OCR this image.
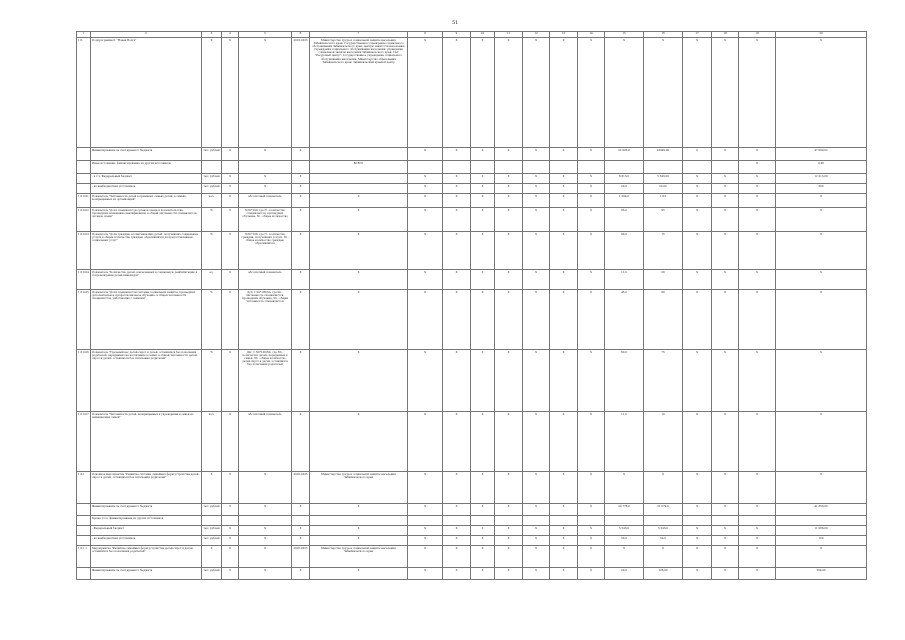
51
1	2	3	4	5	6	7	8	9	10	11	12	13	14	15	16	17	18	19	20
1.6.	Подпрограмма 6. "Новая Волга"	Х	Х	Х	2016-2025	Министерство труда и социальной защиты населения Забайкальского края; Государственное учреждение социального обслуживания Забайкальского края; центры занятости населения; учреждения социального обслуживания населения; управление социальной защиты населения Забайкальского края; ГАУ "Ресурсный центр"; Государственное учреждение социального обслуживания населения; Министерство образования Забайкальского края; Забайкальский краевой центр	Х	Х	Х	Х	Х	Х	Х	Х	Х	Х	Х	Х	Х
	Финансирование за счет краевого бюджета	тыс. рублей	Х	Х	Х		Х	Х	Х	Х	Х	Х	Х	22 926,0	23049,00	0	Х	Х	47 090,02
	Иные источники, финансирование из других источников					ВСЕГО												Х	0,00
	- в т.ч. Федеральный бюджет	тыс. рублей	Х	Х	Х		Х	Х	Х	Х	Х	Х	Х	6 613,0	5 543,00	Х	Х	Х	12 213,00
	- из внебюджетных источников	тыс. рублей	Х	Х	Х		Х	Х	Х	Х	Х	Х	Х	20,0	22,00	Х	Х	Х	300
1.6.0.01	Показатель "Численность детей в приемных семьях детей, в семьях, возвращенных из организаций"	чел.	Х	абсолютный показатель	Х	Х	Х	Х	Х	Х	Х	Х	Х	1 094,0	1116	Х	Х	Х	Х
1.6.0.02	Показатель "Доля специалистов органов опеки и попечительства, прошедших повышение квалификации, в общей численности специалистов органов опеки"	%	Х	N/Ni*100, где N - количество специалистов, прошедших обучение, Ni - общее количество	Х	Х	Х	Х	Х	Х	Х	Х	Х	95,0	95	Х	Х	Х	Х
1.6.0.03	Показатель "Доля граждан, воспитывающих детей, получивших социальные услуги в общем количестве граждан, обратившихся за предоставлением социальных услуг"	%	Х	N/Ni*100, где N - количество граждан, получивших услуги, Ni - общее количество граждан, обратившихся	Х	Х	Х	Х	Х	Х	Х	Х	Х	90,0	15	Х	Х	Х	Х
1.6.0.04	Показатель "Количество детей, вовлеченных в социальную реабилитацию и сопровождения детей-инвалидов"	ед.	Х	абсолютный показатель	Х	Х	Х	Х	Х	Х	Х	Х	Х	11,0	20	Х	Х	Х	Х
1.6.0.05	Показатель "Доля специалистов системы социальной защиты, прошедших дополнительное профессиональное обучение, в общей численности специалистов, работающих с семьями"	%	Х	Дсп = Sn*100/Sn, где Sn - численность специалистов, прошедших обучение, Sn - общая численность специалистов	Х	Х	Х	Х	Х	Х	Х	Х	Х	45,0	60	Х	Х	Х	Х
1.6.0.06	Показатель "Удельный вес детей-сирот и детей, оставшихся без попечения родителей, переданных на воспитание в семьи, в общей численности детей-сирот и детей, оставшихся без попечения родителей"	%	Х	Дпг = Nb*100/Nb, где Nb - количество детей, переданных в семьи, Nb - общее количество детей-сирот и детей, оставшихся без попечения родителей	Х	Х	Х	Х	Х	Х	Х	Х	Х	60,0	75	Х	Х	Х	Х
1.6.0.07	Показатель "Численность детей, возвращенных в учреждения в семьи из замещающих семей"	чел.	Х	абсолютный показатель	Х	Х	Х	Х	Х	Х	Х	Х	Х	11,0	10	Х	Х	Х	Х
1.6.1	Основное мероприятие "Развитие системы семейных форм устройства детей-сирот и детей, оставшихся без попечения родителей"	Х	Х	Х	2016-2025	Министерство труда и социальной защиты населения Забайкальского края	Х	Х	Х	Х	Х	Х	Х	Х	Х	Х	Х	Х	Х
	Финансирование за счет краевого бюджета	тыс. рублей	Х	Х	Х	Х	Х	Х	Х	Х	Х	Х	Х	20 778,0	21 079,0	Х	Х	Х	41 858,00
	Кроме того, финансирование из других источников																		
	- Федеральный бюджет	тыс. рублей	Х	Х	Х	Х	Х	Х	Х	Х	Х	Х	Х	5 543,0	5 543,0	Х	Х	Х	11 086,00
	- из внебюджетных источников	тыс. рублей	Х	Х	Х	Х	Х	Х	Х	Х	Х	Х	Х	50,0	50,0	Х	Х	Х	100
1.6.1.1	Мероприятие "Развитие семейных форм устройства детей-сирот и детей, оставшихся без попечения родителей"	Х	Х	Х	2016-2025	Министерство труда и социальной защиты населения Забайкальского края	Х	Х	Х	Х	Х	Х	Х	Х	Х	Х	Х	Х	Х
	Финансирование за счет краевого бюджета	тыс. рублей	Х	Х	Х	Х	Х	Х	Х	Х	Х	Х	Х	20,0	105,00	Х	Х	Х	500,00
